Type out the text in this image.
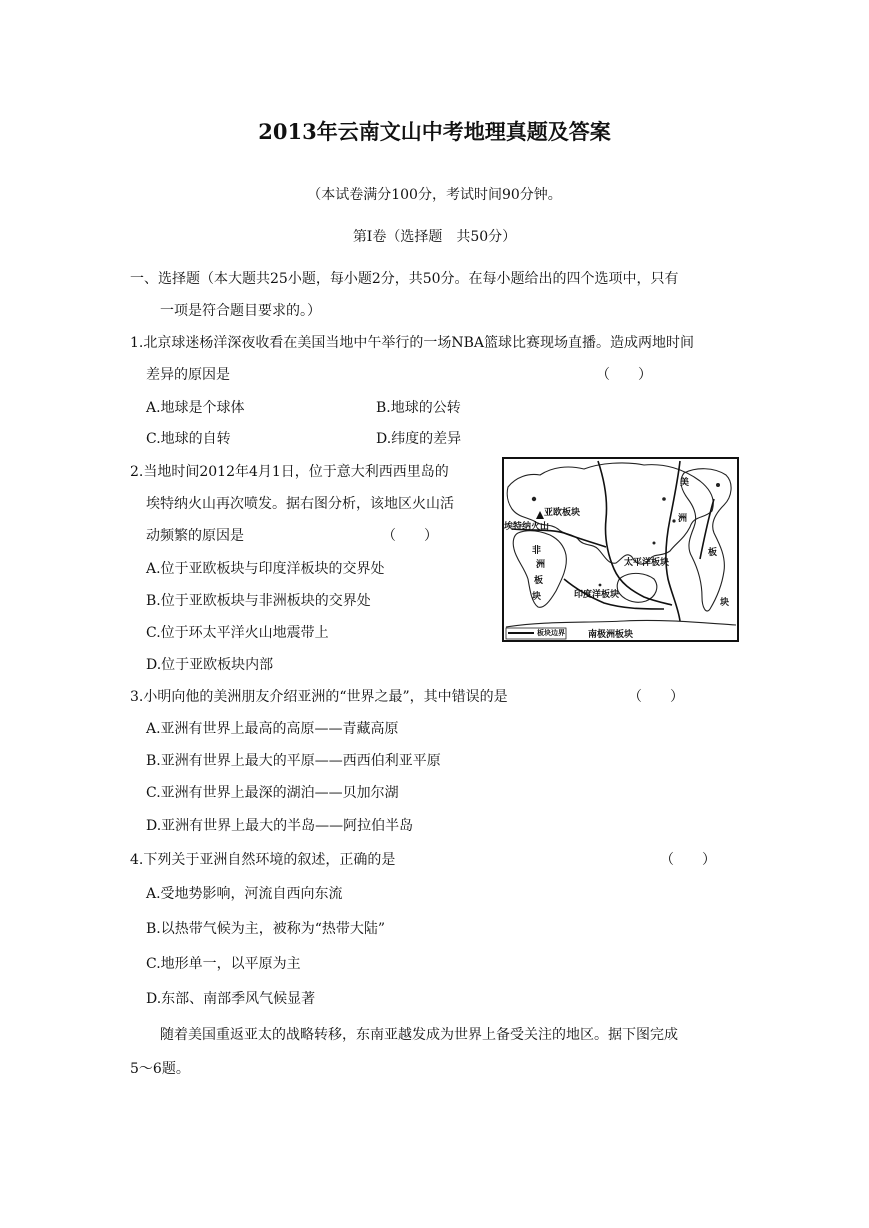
2013年云南文山中考地理真题及答案
（本试卷满分100分，考试时间90分钟。
第Ⅰ卷（选择题　共50分）
一、选择题（本大题共25小题，每小题2分，共50分。在每小题给出的四个选项中，只有
一项是符合题目要求的。）
1.北京球迷杨洋深夜收看在美国当地中午举行的一场NBA篮球比赛现场直播。造成两地时间
差异的原因是	（　　）
A.地球是个球体	B.地球的公转
C.地球的自转	D.纬度的差异
2.当地时间2012年4月1日，位于意大利西西里岛的
埃特纳火山再次喷发。据右图分析，该地区火山活
动频繁的原因是	（　　）
A.位于亚欧板块与印度洋板块的交界处
B.位于亚欧板块与非洲板块的交界处
C.位于环太平洋火山地震带上
D.位于亚欧板块内部
亚欧板块
埃特纳火山
非
洲
板
块
太平洋板块
印度洋板块
美
洲
板
块
南极洲板块
板块边界
3.小明向他的美洲朋友介绍亚洲的“世界之最”，其中错误的是	（　　）
A.亚洲有世界上最高的高原——青藏高原
B.亚洲有世界上最大的平原——西西伯利亚平原
C.亚洲有世界上最深的湖泊——贝加尔湖
D.亚洲有世界上最大的半岛——阿拉伯半岛
4.下列关于亚洲自然环境的叙述，正确的是	（　　）
A.受地势影响，河流自西向东流
B.以热带气候为主，被称为“热带大陆”
C.地形单一，以平原为主
D.东部、南部季风气候显著
随着美国重返亚太的战略转移，东南亚越发成为世界上备受关注的地区。据下图完成
5～6题。
